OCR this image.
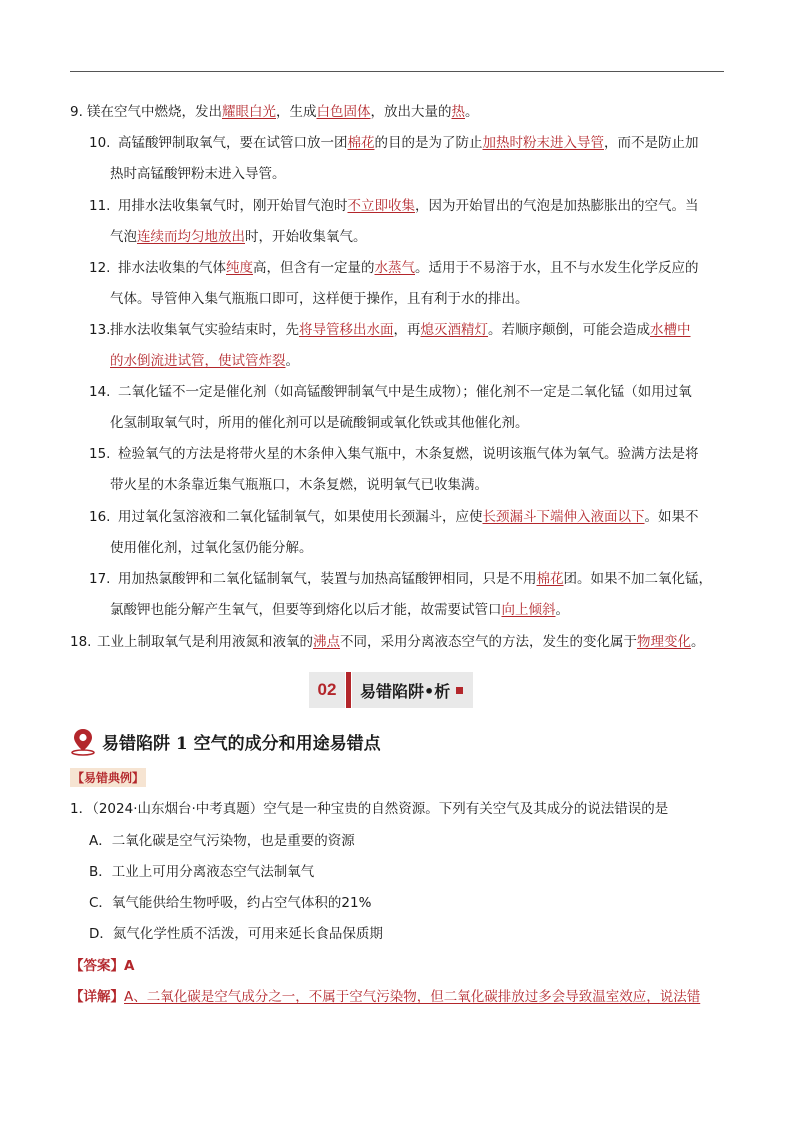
9. 镁在空气中燃烧，发出耀眼白光，生成白色固体，放出大量的热。
10. 高锰酸钾制取氧气，要在试管口放一团棉花的目的是为了防止加热时粉末进入导管，而不是防止加
热时高锰酸钾粉末进入导管。
11. 用排水法收集氧气时，刚开始冒气泡时不立即收集，因为开始冒出的气泡是加热膨胀出的空气。当
气泡连续而均匀地放出时，开始收集氧气。
12. 排水法收集的气体纯度高，但含有一定量的水蒸气。适用于不易溶于水，且不与水发生化学反应的
气体。导管伸入集气瓶瓶口即可，这样便于操作，且有利于水的排出。
13. 排水法收集氧气实验结束时，先将导管移出水面，再熄灭酒精灯。若顺序颠倒，可能会造成水槽中
的水倒流进试管，使试管炸裂。
14. 二氧化锰不一定是催化剂（如高锰酸钾制氧气中是生成物）；催化剂不一定是二氧化锰（如用过氧
化氢制取氧气时，所用的催化剂可以是硫酸铜或氧化铁或其他催化剂。
15. 检验氧气的方法是将带火星的木条伸入集气瓶中，木条复燃，说明该瓶气体为氧气。验满方法是将
带火星的木条靠近集气瓶瓶口，木条复燃，说明氧气已收集满。
16. 用过氧化氢溶液和二氧化锰制氧气，如果使用长颈漏斗，应使长颈漏斗下端伸入液面以下。如果不
使用催化剂，过氧化氢仍能分解。
17. 用加热氯酸钾和二氧化锰制氧气，装置与加热高锰酸钾相同，只是不用棉花团。如果不加二氧化锰，
氯酸钾也能分解产生氧气，但要等到熔化以后才能，故需要试管口向上倾斜。
18. 工业上制取氧气是利用液氮和液氧的沸点不同，采用分离液态空气的方法，发生的变化属于物理变化。
02	易错陷阱•析
易错陷阱 1 空气的成分和用途易错点
【易错典例】
1．（2024·山东烟台·中考真题）空气是一种宝贵的自然资源。下列有关空气及其成分的说法错误的是
A．二氧化碳是空气污染物，也是重要的资源
B．工业上可用分离液态空气法制氧气
C．氧气能供给生物呼吸，约占空气体积的21%
D．氮气化学性质不活泼，可用来延长食品保质期
【答案】A
【详解】A、二氧化碳是空气成分之一，不属于空气污染物，但二氧化碳排放过多会导致温室效应，说法错
